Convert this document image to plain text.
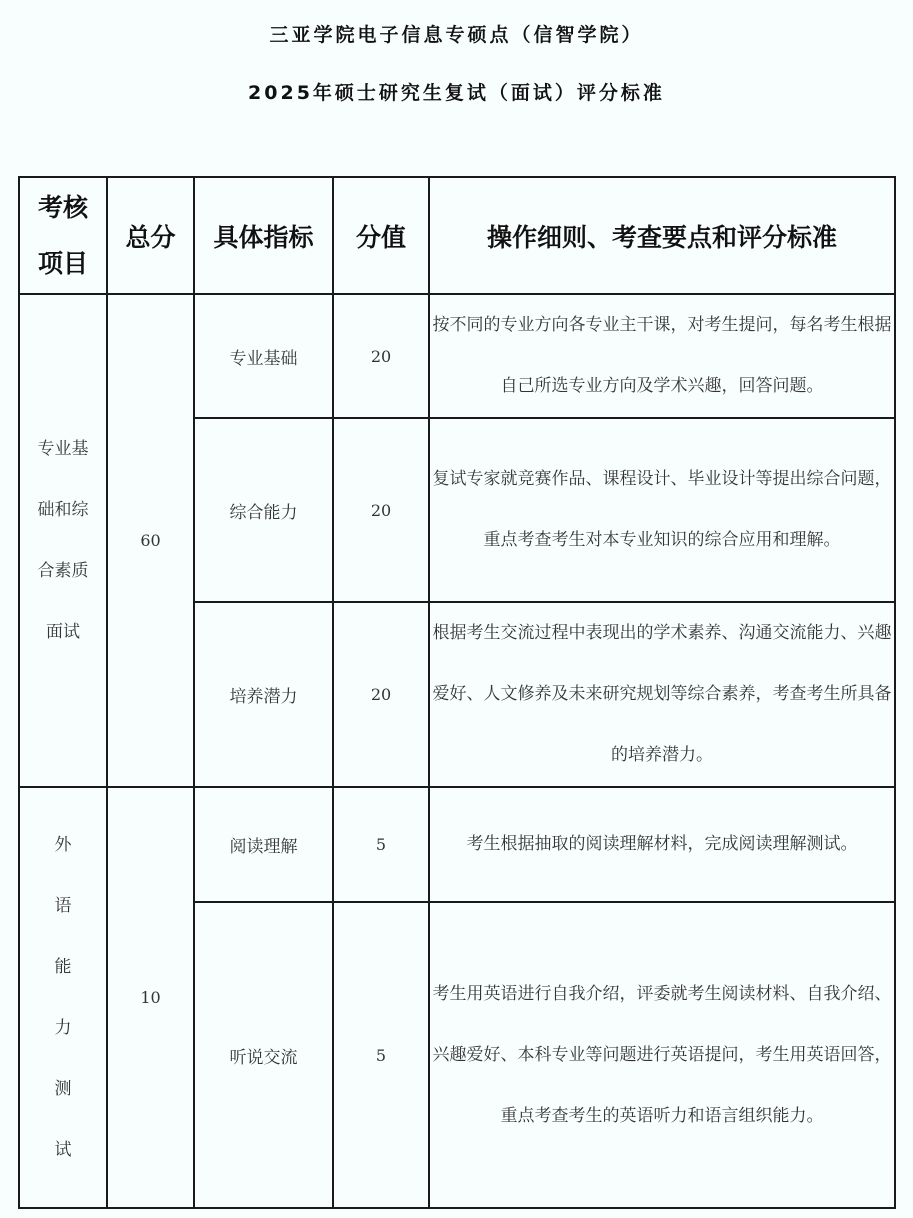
三亚学院电子信息专硕点（信智学院）
2025年硕士研究生复试（面试）评分标准
考核项目	总分	具体指标	分值	操作细则、考查要点和评分标准
专业基础和综合素质面试	60	专业基础	20	按不同的专业方向各专业主干课，对考生提问，每名考生根据自己所选专业方向及学术兴趣，回答问题。
		综合能力	20	复试专家就竞赛作品、课程设计、毕业设计等提出综合问题，重点考查考生对本专业知识的综合应用和理解。
		培养潜力	20	根据考生交流过程中表现出的学术素养、沟通交流能力、兴趣爱好、人文修养及未来研究规划等综合素养，考查考生所具备的培养潜力。
外语能力测试	10	阅读理解	5	考生根据抽取的阅读理解材料，完成阅读理解测试。
		听说交流	5	考生用英语进行自我介绍，评委就考生阅读材料、自我介绍、兴趣爱好、本科专业等问题进行英语提问，考生用英语回答，重点考查考生的英语听力和语言组织能力。
